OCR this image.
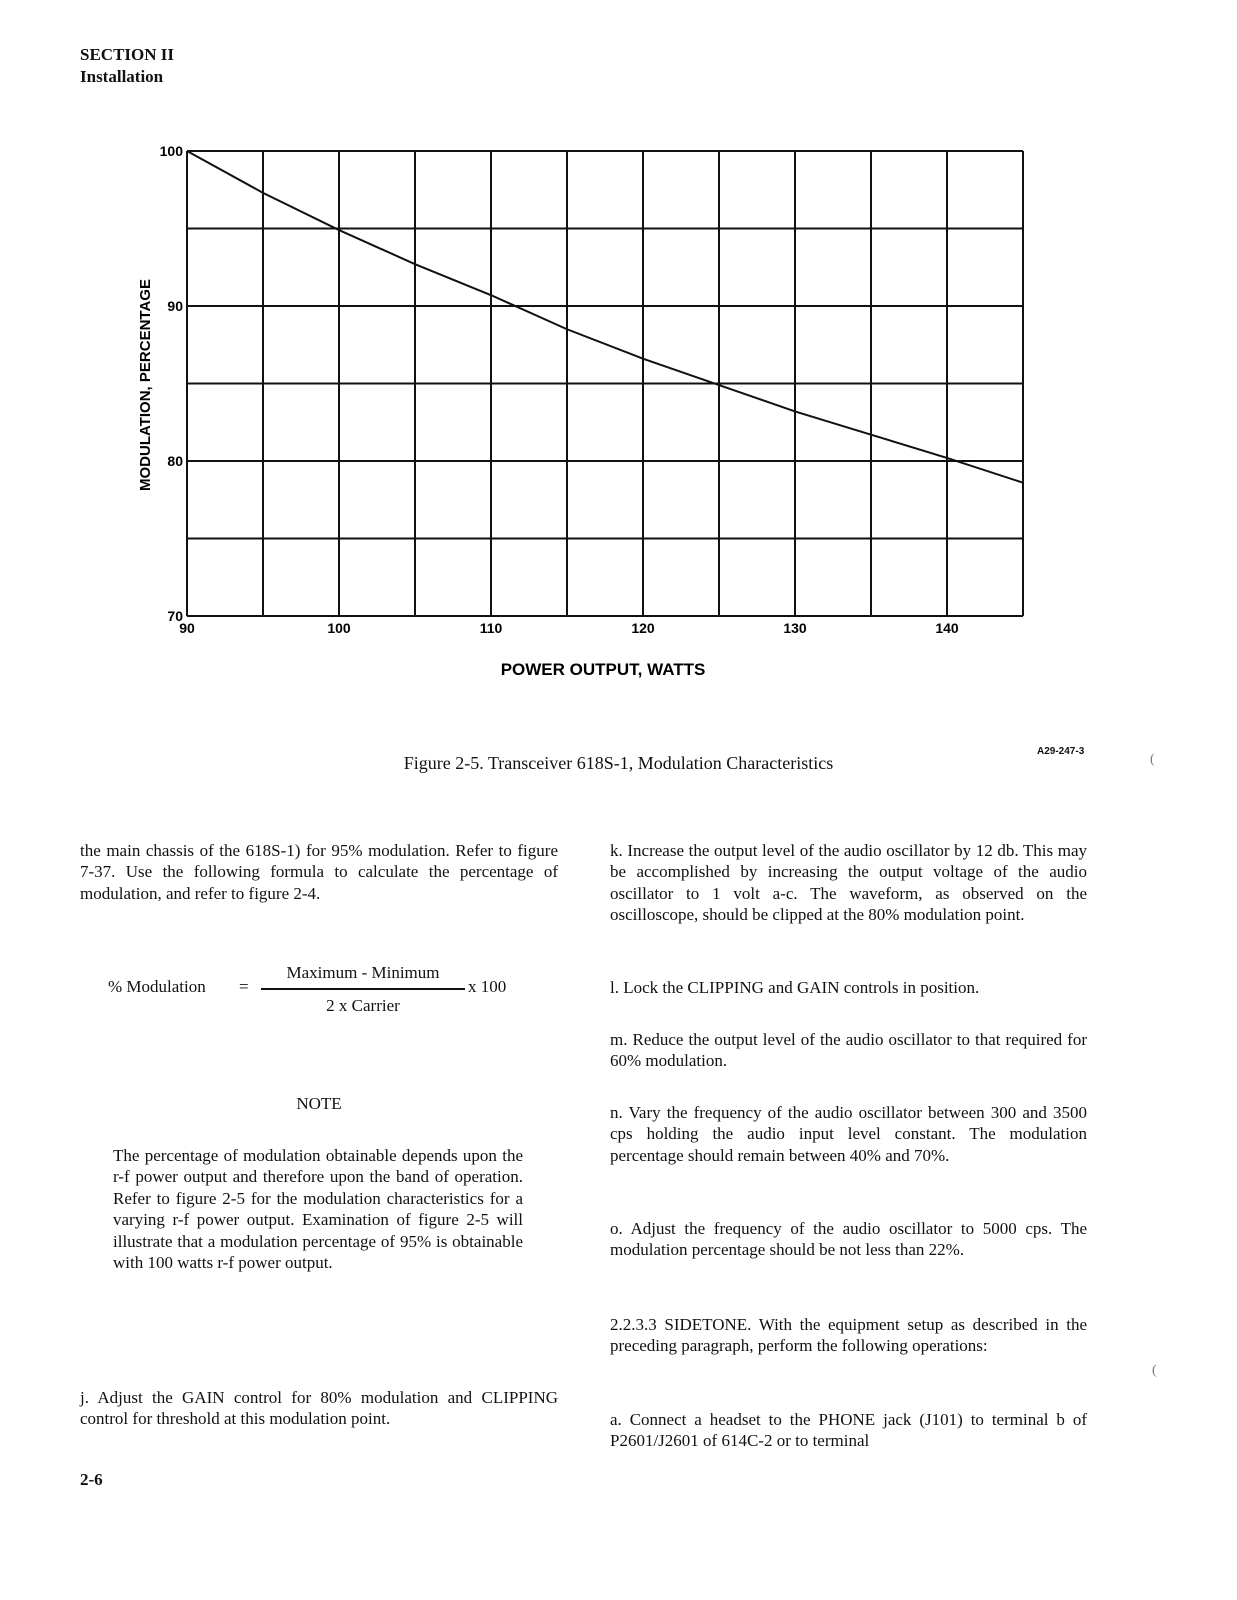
SECTION II
Installation
90	100	110	120	130	140
100
90
80
70
POWER OUTPUT, WATTS
MODULATION, PERCENTAGE
Figure 2-5. Transceiver 618S-1, Modulation Characteristics
A29-247-3

the main chassis of the 618S-1) for 95% modulation. Refer to figure 7-37. Use the following formula to calculate the percentage of modulation, and refer to figure 2-4.

% Modulation =
Maximum - Minimum
2 x Carrier
x 100
NOTE

The percentage of modulation obtainable depends upon the r-f power output and therefore upon the band of operation. Refer to figure 2-5 for the modulation characteristics for a varying r-f power output. Examination of figure 2-5 will illustrate that a modulation percentage of 95% is obtainable with 100 watts r-f power output.

j. Adjust the GAIN control for 80% modulation and CLIPPING control for threshold at this modulation point.

k. Increase the output level of the audio oscillator by 12 db. This may be accomplished by increasing the output voltage of the audio oscillator to 1 volt a-c. The waveform, as observed on the oscilloscope, should be clipped at the 80% modulation point.

l. Lock the CLIPPING and GAIN controls in position.

m. Reduce the output level of the audio oscillator to that required for 60% modulation.

n. Vary the frequency of the audio oscillator between 300 and 3500 cps holding the audio input level constant. The modulation percentage should remain between 40% and 70%.

o. Adjust the frequency of the audio oscillator to 5000 cps. The modulation percentage should be not less than 22%.

2.2.3.3 SIDETONE. With the equipment setup as described in the preceding paragraph, perform the following operations:

a. Connect a headset to the PHONE jack (J101) to terminal b of P2601/J2601 of 614C-2 or to terminal

2-6
(
(
